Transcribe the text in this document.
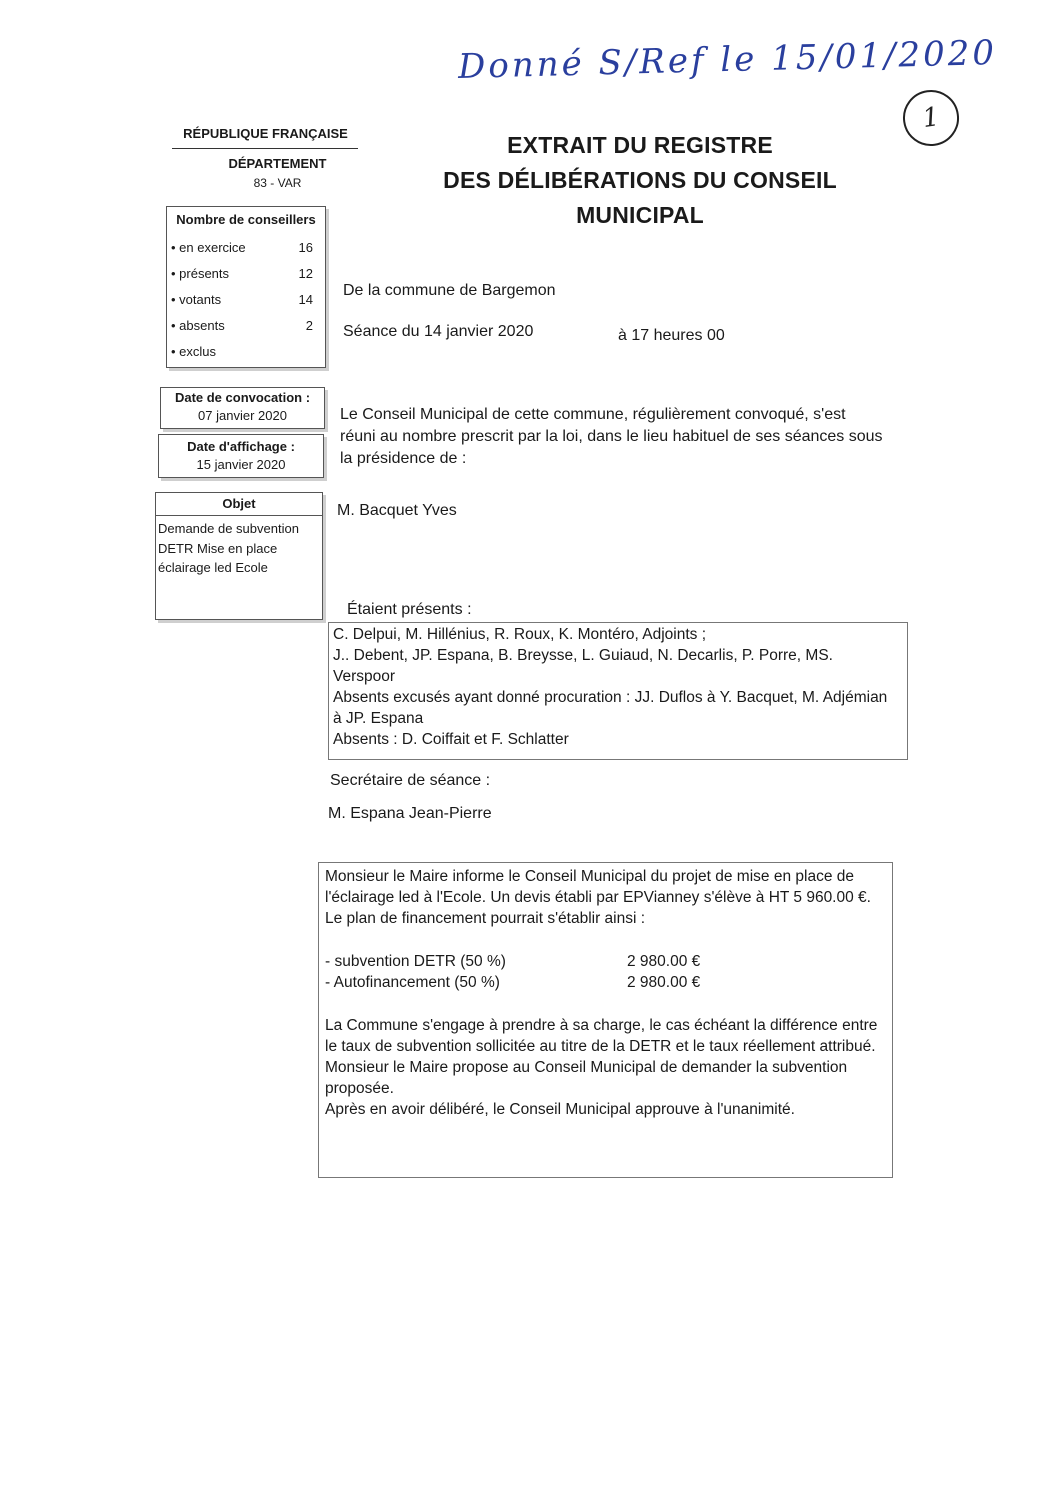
Donné S/Ref le 15/01/2020
1
RÉPUBLIQUE FRANÇAISE
DÉPARTEMENT
83 - VAR
Nombre de conseillers
• en exercice	16
• présents	12
• votants	14
• absents	2
• exclus
Date de convocation :
07 janvier 2020
Date d'affichage :
15 janvier 2020
Objet
Demande de subvention DETR Mise en place éclairage led Ecole
EXTRAIT DU REGISTRE
DES DÉLIBÉRATIONS DU CONSEIL
MUNICIPAL
De la commune de Bargemon
Séance du 14 janvier 2020	à 17 heures 00
Le Conseil Municipal de cette commune, régulièrement convoqué, s'est réuni au nombre prescrit par la loi, dans le lieu habituel de ses séances sous la présidence de :
M. Bacquet Yves
Étaient présents :
C. Delpui, M. Hillénius, R. Roux, K. Montéro, Adjoints ;
J.. Debent, JP. Espana, B. Breysse, L. Guiaud, N. Decarlis, P. Porre, MS. Verspoor
Absents excusés ayant donné procuration : JJ. Duflos à Y. Bacquet, M. Adjémian à JP. Espana
Absents : D. Coiffait et F. Schlatter
Secrétaire de séance :
M. Espana Jean-Pierre
Monsieur le Maire informe le Conseil Municipal du projet de mise en place de l'éclairage led à l'Ecole. Un devis établi par EPVianney s'élève à HT 5 960.00 €.
Le plan de financement pourrait s'établir ainsi :
- subvention DETR (50 %)	2 980.00 €
- Autofinancement (50 %)	2 980.00 €
La Commune s'engage à prendre à sa charge, le cas échéant la différence entre le taux de subvention sollicitée au titre de la DETR et le taux réellement attribué.
Monsieur le Maire propose au Conseil Municipal de demander la subvention proposée.
Après en avoir délibéré, le Conseil Municipal approuve à l'unanimité.
